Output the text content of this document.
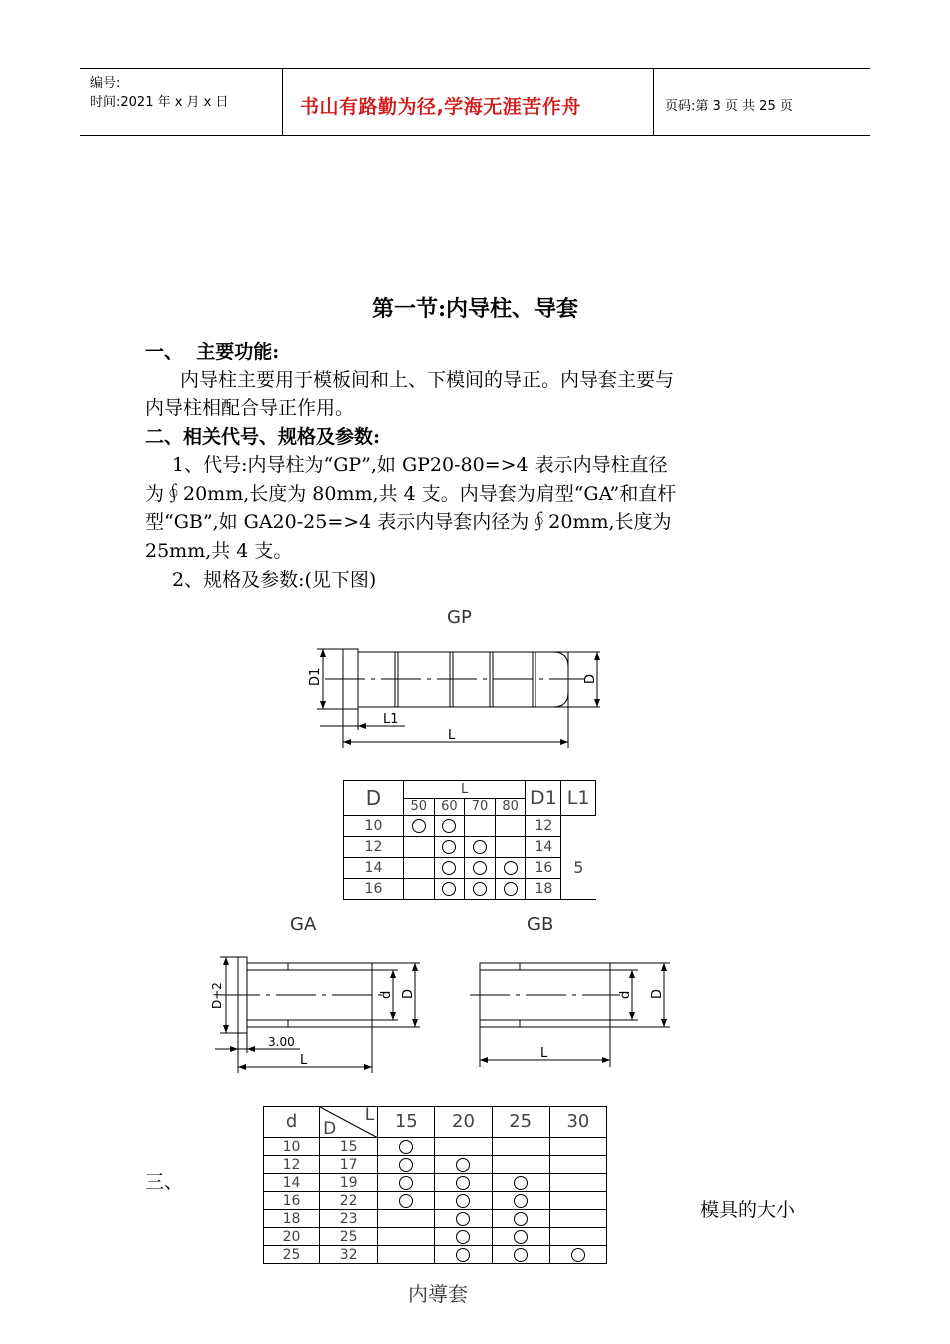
编号:
时间:2021 年 x 月 x 日	书山有路勤为径,学海无涯苦作舟	页码:第 3 页 共 25 页
第一节:内导柱、导套
一、  主要功能:
内导柱主要用于模板间和上、下模间的导正。内导套主要与
内导柱相配合导正作用。
二、相关代号、规格及参数:
1、代号:内导柱为“GP”,如 GP20-80=>4 表示内导柱直径
为∮20mm,长度为 80mm,共 4 支。内导套为肩型“GA”和直杆
型“GB”,如 GA20-25=>4 表示内导套内径为∮20mm,长度为
25mm,共 4 支。
2、规格及参数:(见下图)
GP
D1	D
L1
L
D	L				D1	L1
	50	60	70	80		
10					12	5
12					14	
14					16	
16					18	
GA	GB
D+2	d D
3.00
L
d D
L
d	D
L	15	20	25	30
10	15				
12	17				
14	19				
16	22				
18	23				
20	25				
25	32				
三、
模具的大小
内導套
